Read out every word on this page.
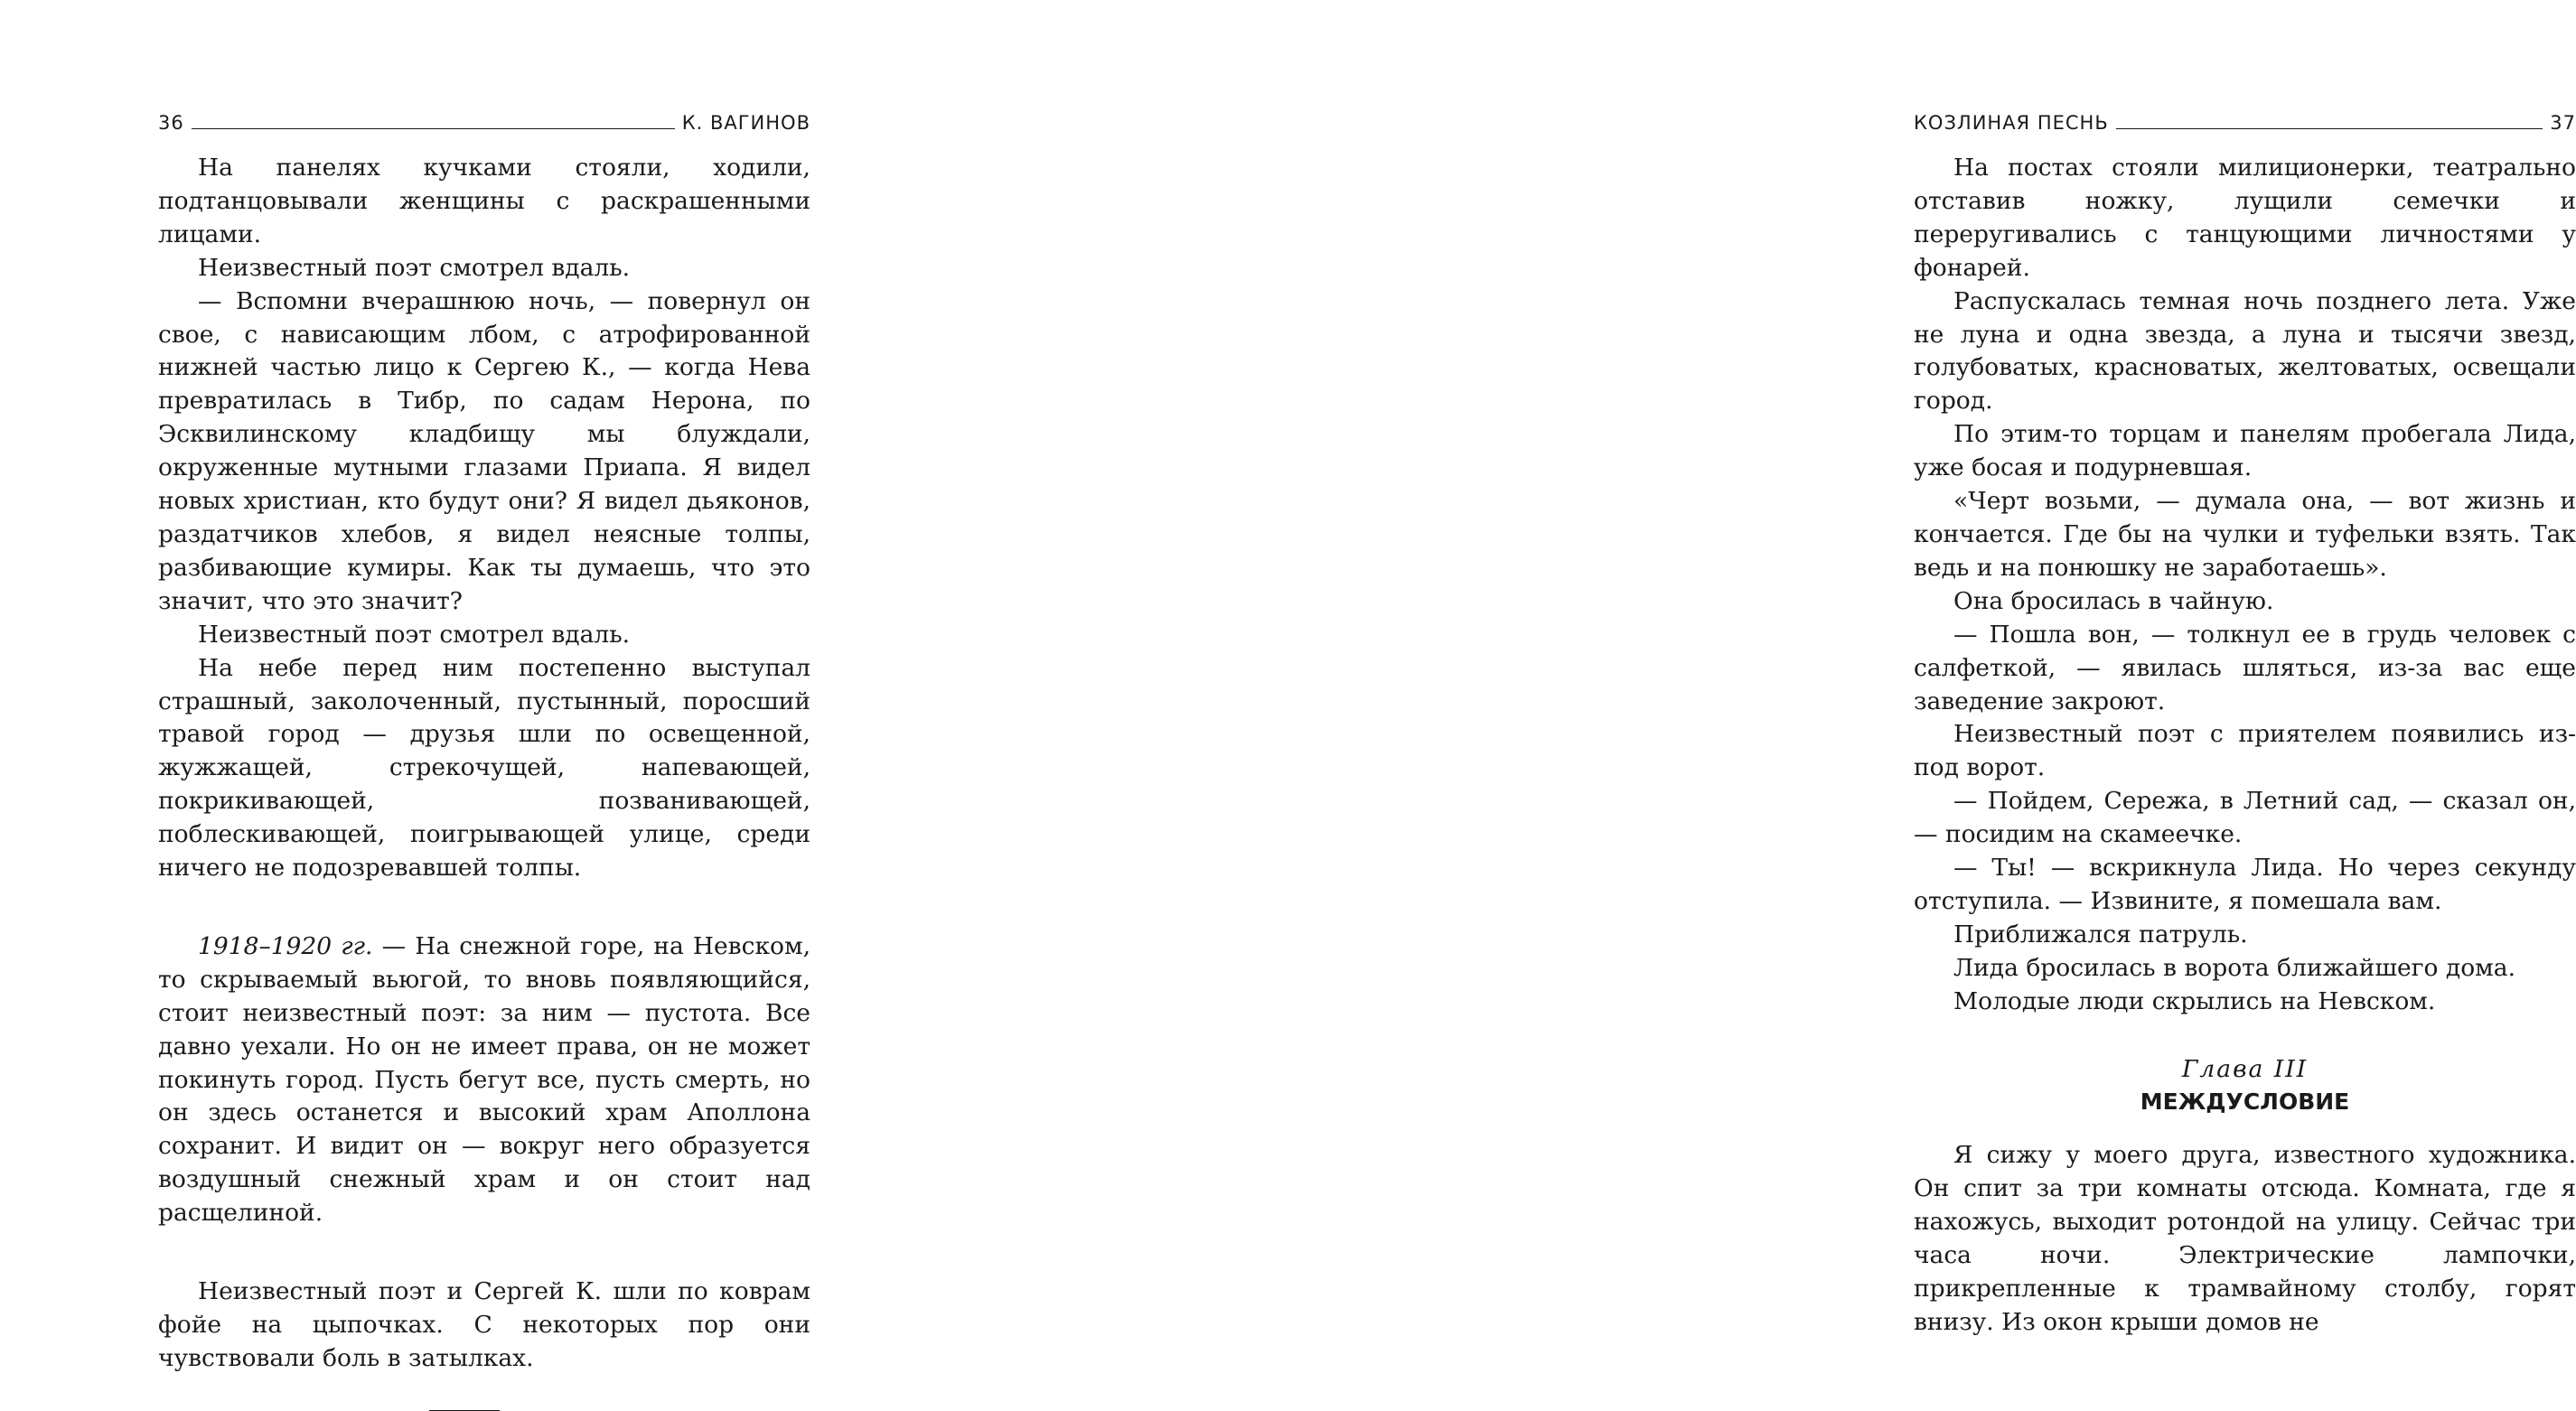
36	К. ВАГИНОВ

На панелях кучками стояли, ходили, подтанцовывали женщины с раскрашенными лицами.

Неизвестный поэт смотрел вдаль.

— Вспомни вчерашнюю ночь, — повернул он свое, с нависающим лбом, с атрофированной нижней частью лицо к Сергею К., — когда Нева превратилась в Тибр, по садам Нерона, по Эсквилинскому кладбищу мы блуждали, окруженные мутными глазами Приапа. Я видел новых христиан, кто будут они? Я видел дьяконов, раздатчиков хлебов, я видел неясные толпы, разбивающие кумиры. Как ты думаешь, что это значит, что это значит?

Неизвестный поэт смотрел вдаль.

На небе перед ним постепенно выступал страшный, заколоченный, пустынный, поросший травой город — друзья шли по освещенной, жужжащей, стрекочущей, напевающей, покрикивающей, позванивающей, поблескивающей, поигрывающей улице, среди ничего не подозревавшей толпы.

1918–1920 гг. — На снежной горе, на Невском, то скрываемый вьюгой, то вновь появляющийся, стоит неизвестный поэт: за ним — пустота. Все давно уехали. Но он не имеет права, он не может покинуть город. Пусть бегут все, пусть смерть, но он здесь останется и высокий храм Аполлона сохранит. И видит он — вокруг него образуется воздушный снежный храм и он стоит над расщелиной.

Неизвестный поэт и Сергей К. шли по коврам фойе на цыпочках. С некоторых пор они чувствовали боль в затылках.

КОЗЛИНАЯ ПЕСНЬ	37

На постах стояли милиционерки, театрально отставив ножку, лущили семечки и переругивались с танцующими личностями у фонарей.

Распускалась темная ночь позднего лета. Уже не луна и одна звезда, а луна и тысячи звезд, голубоватых, красноватых, желтоватых, освещали город.

По этим-то торцам и панелям пробегала Лида, уже босая и подурневшая.

«Черт возьми, — думала она, — вот жизнь и кончается. Где бы на чулки и туфельки взять. Так ведь и на понюшку не заработаешь».

Она бросилась в чайную.

— Пошла вон, — толкнул ее в грудь человек с салфеткой, — явилась шляться, из-за вас еще заведение закроют.

Неизвестный поэт с приятелем появились из-под ворот.

— Пойдем, Сережа, в Летний сад, — сказал он, — посидим на скамеечке.

— Ты! — вскрикнула Лида. Но через секунду отступила. — Извините, я помешала вам.

Приближался патруль.

Лида бросилась в ворота ближайшего дома.

Молодые люди скрылись на Невском.

Глава III
МЕЖДУСЛОВИЕ

Я сижу у моего друга, известного художника. Он спит за три комнаты отсюда. Комната, где я нахожусь, выходит ротондой на улицу. Сейчас три часа ночи. Электрические лампочки, прикрепленные к трамвайному столбу, горят внизу. Из окон крыши домов не
